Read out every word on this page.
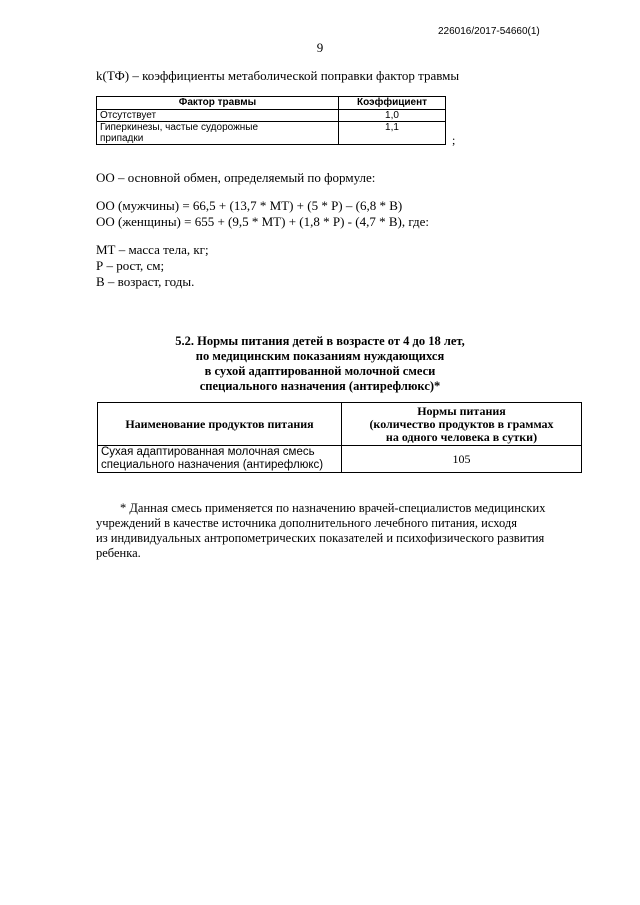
226016/2017-54660(1)
9
k(ТФ) – коэффициенты метаболической поправки фактор травмы
Фактор травмы	Коэффициент
Отсутствует	1,0

Гиперкинезы, частые судорожные
припадки	1,1
;
ОО – основной обмен, определяемый по формуле:
ОО (мужчины) = 66,5 + (13,7 * МТ) + (5 * Р) – (6,8 * В)
ОО (женщины) = 655 + (9,5 * МТ) + (1,8 * Р) - (4,7 * В), где:
МТ – масса тела, кг;
Р – рост, см;
В – возраст, годы.
5.2. Нормы питания детей в возрасте от 4 до 18 лет,
по медицинским показаниям нуждающихся
в сухой адаптированной молочной смеси
специального назначения (антирефлюкс)*
Наименование продуктов питания	Нормы питания
(количество продуктов в граммах
на одного человека в сутки)

Сухая адаптированная молочная смесь
специального назначения (антирефлюкс)	105

* Данная смесь применяется по назначению врачей-специалистов медицинских

учреждений в качестве источника дополнительного лечебного питания, исходя

из индивидуальных антропометрических показателей и психофизического развития

ребенка.
